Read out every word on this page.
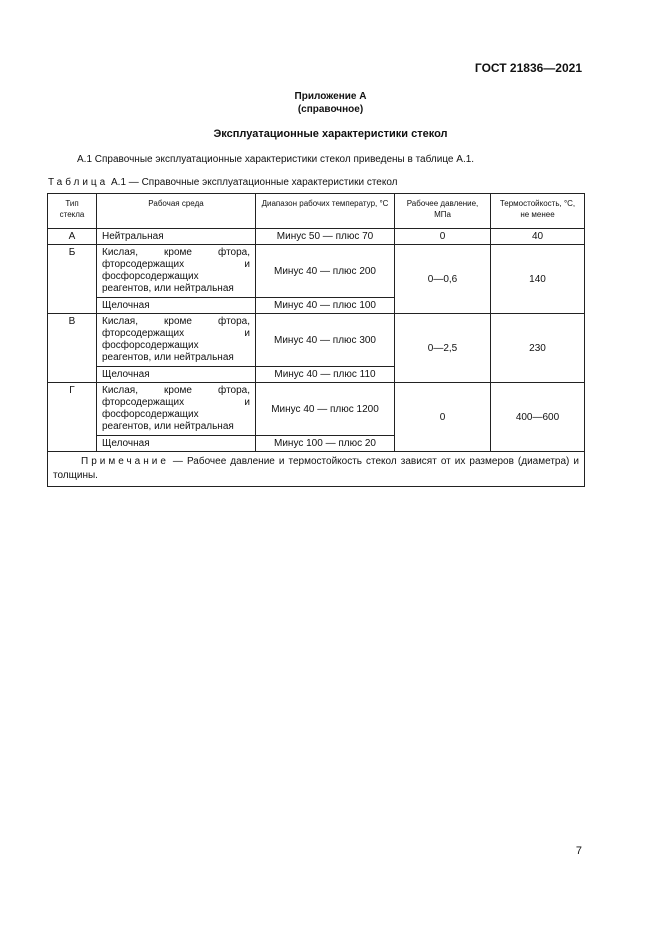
ГОСТ 21836—2021
Приложение А
(справочное)
Эксплуатационные характеристики стекол
А.1 Справочные эксплуатационные характеристики стекол приведены в таблице А.1.
Таблица А.1 — Справочные эксплуатационные характеристики стекол
Тип стекла	Рабочая среда	Диапазон рабочих температур, °С	Рабочее давление, МПа	Термостойкость, °С, не менее
А	Нейтральная	Минус 50 — плюс 70	0	40
Б	Кислая, кроме фтора, фторсодержащих и фосфорсодержащих реагентов, или нейтральная	Минус 40 — плюс 200	0—0,6	140
	Щелочная	Минус 40 — плюс 100		
В	Кислая, кроме фтора, фторсодержащих и фосфорсодержащих реагентов, или нейтральная	Минус 40 — плюс 300	0—2,5	230
	Щелочная	Минус 40 — плюс 110		
Г	Кислая, кроме фтора, фторсодержащих и фосфорсодержащих реагентов, или нейтральная	Минус 40 — плюс 1200	0	400—600
	Щелочная	Минус 100 — плюс 20		
Примечание — Рабочее давление и термостойкость стекол зависят от их размеров (диаметра) и толщины.				
7
